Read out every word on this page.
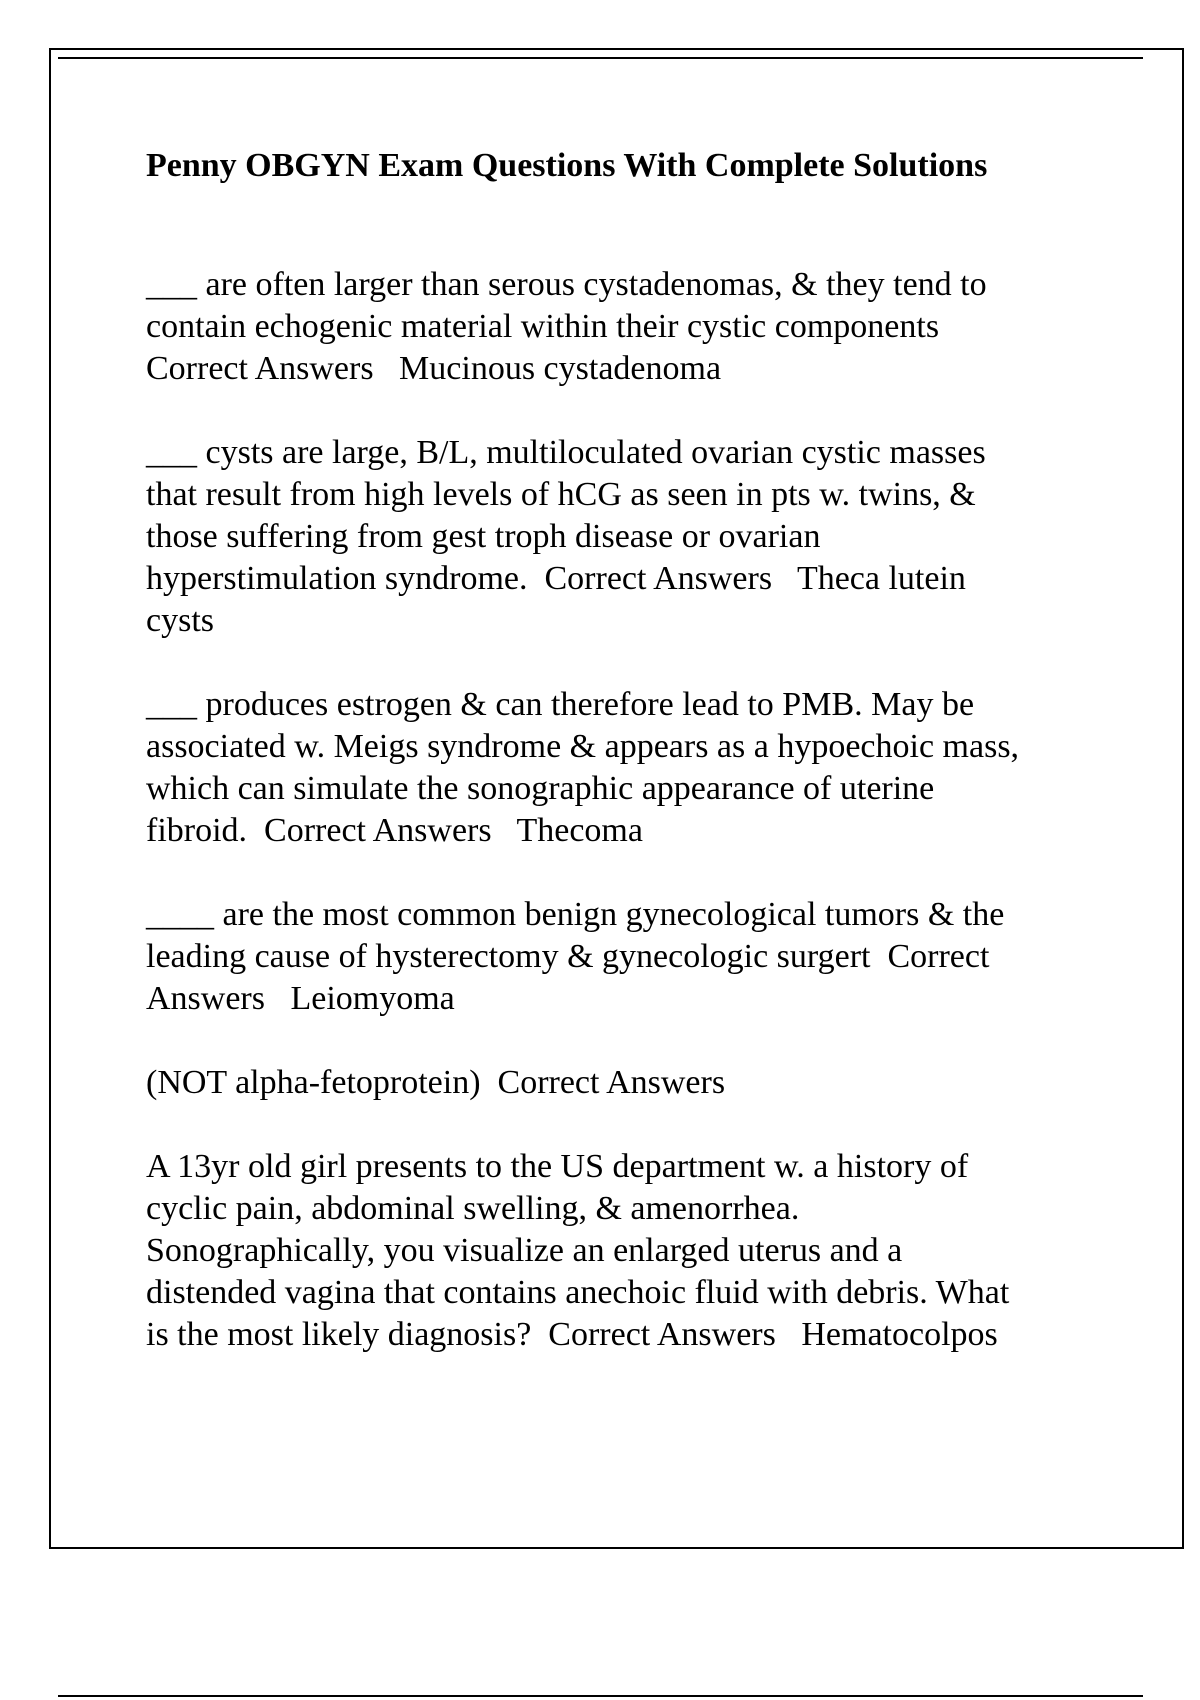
Penny OBGYN Exam Questions With Complete Solutions
___ are often larger than serous cystadenomas, & they tend to
contain echogenic material within their cystic components
Correct Answers   Mucinous cystadenoma
___ cysts are large, B/L, multiloculated ovarian cystic masses
that result from high levels of hCG as seen in pts w. twins, &
those suffering from gest troph disease or ovarian
hyperstimulation syndrome.  Correct Answers   Theca lutein
cysts
___ produces estrogen & can therefore lead to PMB. May be
associated w. Meigs syndrome & appears as a hypoechoic mass,
which can simulate the sonographic appearance of uterine
fibroid.  Correct Answers   Thecoma
____ are the most common benign gynecological tumors & the
leading cause of hysterectomy & gynecologic surgert  Correct
Answers   Leiomyoma
(NOT alpha-fetoprotein)  Correct Answers
A 13yr old girl presents to the US department w. a history of
cyclic pain, abdominal swelling, & amenorrhea.
Sonographically, you visualize an enlarged uterus and a
distended vagina that contains anechoic fluid with debris. What
is the most likely diagnosis?  Correct Answers   Hematocolpos
